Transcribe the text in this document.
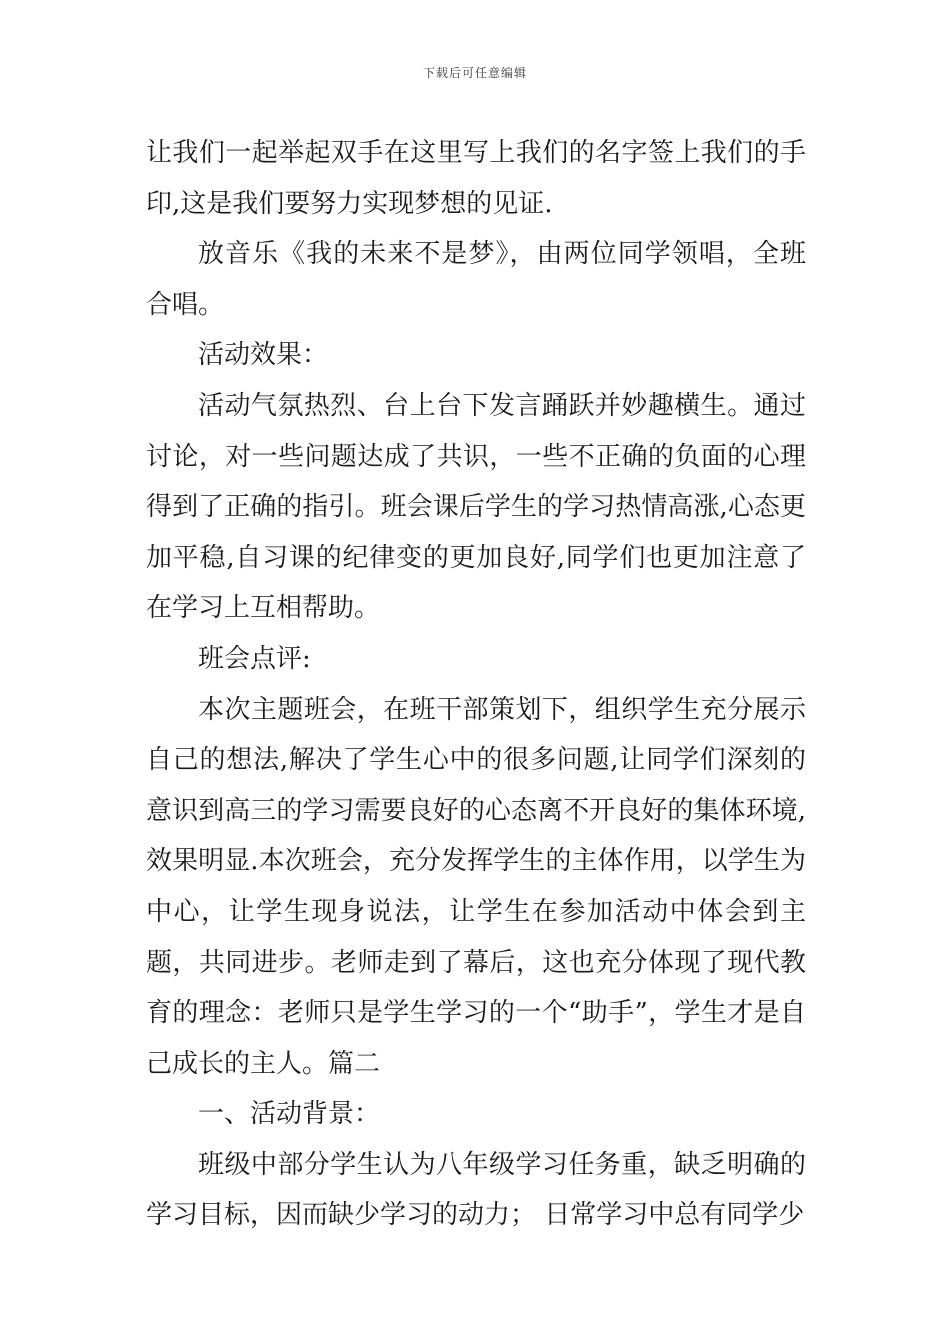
下载后可任意编辑

让我们一起举起双手在这里写上我们的名字签上我们的手印,这是我们要努力实现梦想的见证.

放音乐《我的未来不是梦》，由两位同学领唱，全班合唱。

活动效果：

活动气氛热烈、台上台下发言踊跃并妙趣横生。通过讨论，对一些问题达成了共识，一些不正确的负面的心理得到了正确的指引。班会课后学生的学习热情高涨,心态更加平稳,自习课的纪律变的更加良好,同学们也更加注意了在学习上互相帮助。

班会点评:

本次主题班会，在班干部策划下，组织学生充分展示自己的想法,解决了学生心中的很多问题,让同学们深刻的意识到高三的学习需要良好的心态离不开良好的集体环境,效果明显.本次班会，充分发挥学生的主体作用，以学生为中心，让学生现身说法，让学生在参加活动中体会到主题，共同进步。老师走到了幕后，这也充分体现了现代教育的理念：老师只是学生学习的一个“助手”，学生才是自己成长的主人。篇二

一、活动背景：

班级中部分学生认为八年级学习任务重，缺乏明确的学习目标，因而缺少学习的动力； 日常学习中总有同学少
